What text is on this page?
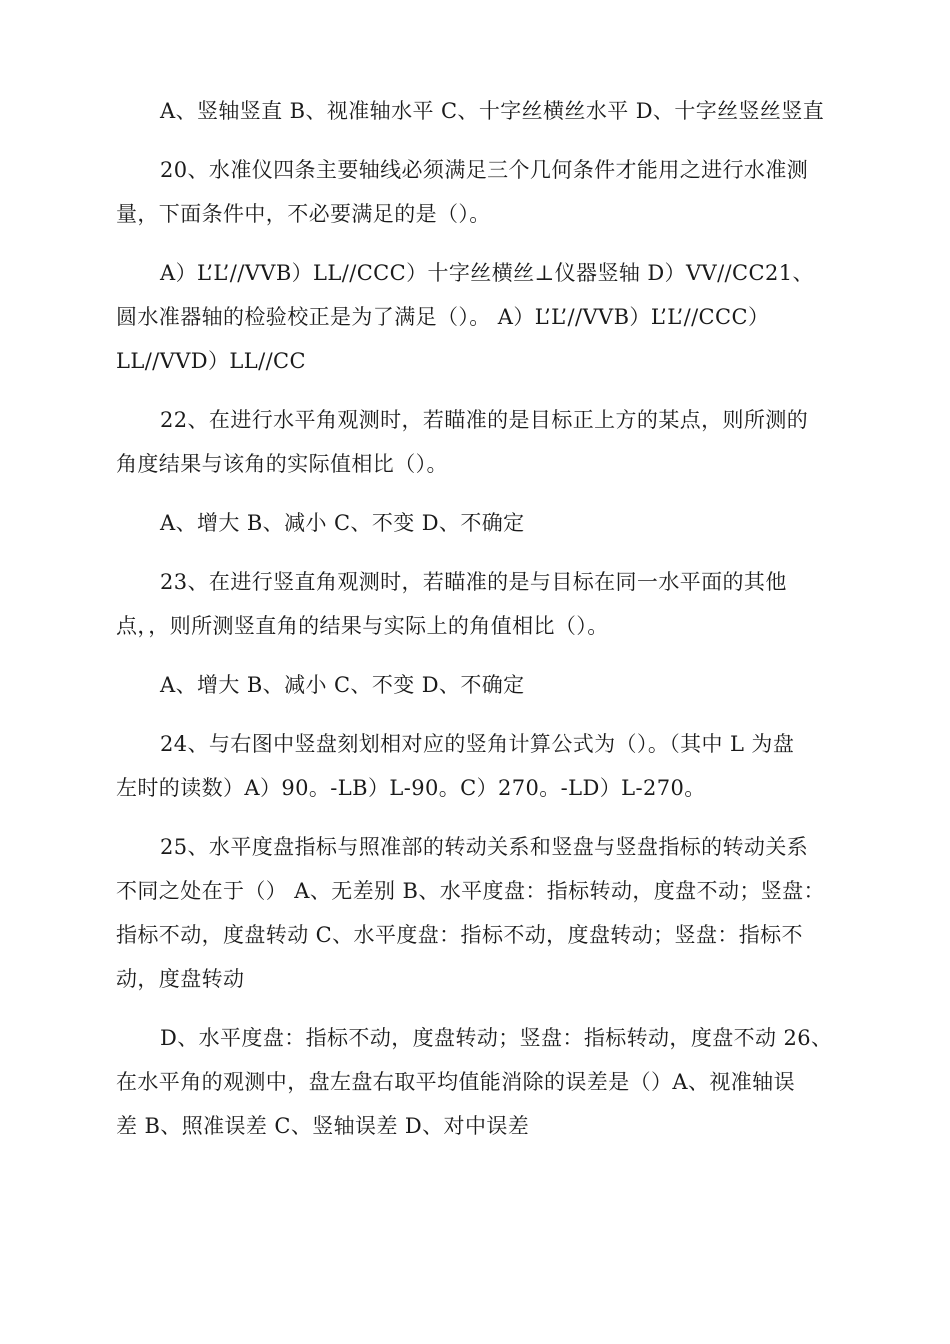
A、竖轴竖直 B、视准轴水平 C、十字丝横丝水平 D、十字丝竖丝竖直
20、水准仪四条主要轴线必须满足三个几何条件才能用之进行水准测
量，下面条件中，不必要满足的是（）。
A）L’L’//VVB）LL//CCC）十字丝横丝⊥仪器竖轴 D）VV//CC21、
圆水准器轴的检验校正是为了满足（）。 A）L’L’//VVB）L’L’//CCC）
LL//VVD）LL//CC
22、在进行水平角观测时，若瞄准的是目标正上方的某点，则所测的
角度结果与该角的实际值相比（）。
A、增大 B、减小 C、不变 D、不确定
23、在进行竖直角观测时，若瞄准的是与目标在同一水平面的其他
点，，则所测竖直角的结果与实际上的角值相比（）。
A、增大 B、减小 C、不变 D、不确定
24、与右图中竖盘刻划相对应的竖角计算公式为（）。（其中 L 为盘
左时的读数）A）90。-LB）L-90。C）270。-LD）L-270。
25、水平度盘指标与照准部的转动关系和竖盘与竖盘指标的转动关系
不同之处在于（） A、无差别 B、水平度盘：指标转动，度盘不动；竖盘：
指标不动，度盘转动 C、水平度盘：指标不动，度盘转动；竖盘：指标不
动，度盘转动
D、水平度盘：指标不动，度盘转动；竖盘：指标转动，度盘不动 26、
在水平角的观测中，盘左盘右取平均值能消除的误差是（）A、视准轴误
差 B、照准误差 C、竖轴误差 D、对中误差
